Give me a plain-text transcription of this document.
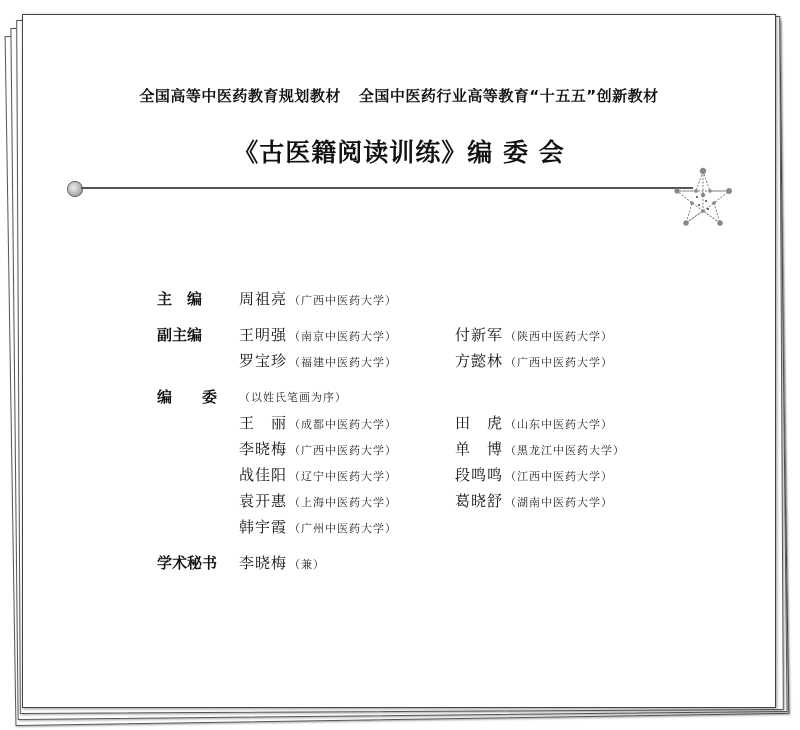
全国高等中医药教育规划教材 全国中医药行业高等教育“十五五”创新教材
《古医籍阅读训练》编 委 会
主　编	周祖亮 （广西中医药大学）	

副主编	王明强 （南京中医药大学）	付新军 （陕西中医药大学）
	罗宝珍 （福建中医药大学）	方懿林 （广西中医药大学）

编　　委	（以姓氏笔画为序）	
	王　丽 （成都中医药大学）	田　虎 （山东中医药大学）
	李晓梅 （广西中医药大学）	单　博 （黑龙江中医药大学）
	战佳阳 （辽宁中医药大学）	段鸣鸣 （江西中医药大学）
	袁开惠 （上海中医药大学）	葛晓舒 （湖南中医药大学）
	韩宇霞 （广州中医药大学）	

学术秘书	李晓梅 （兼）	
